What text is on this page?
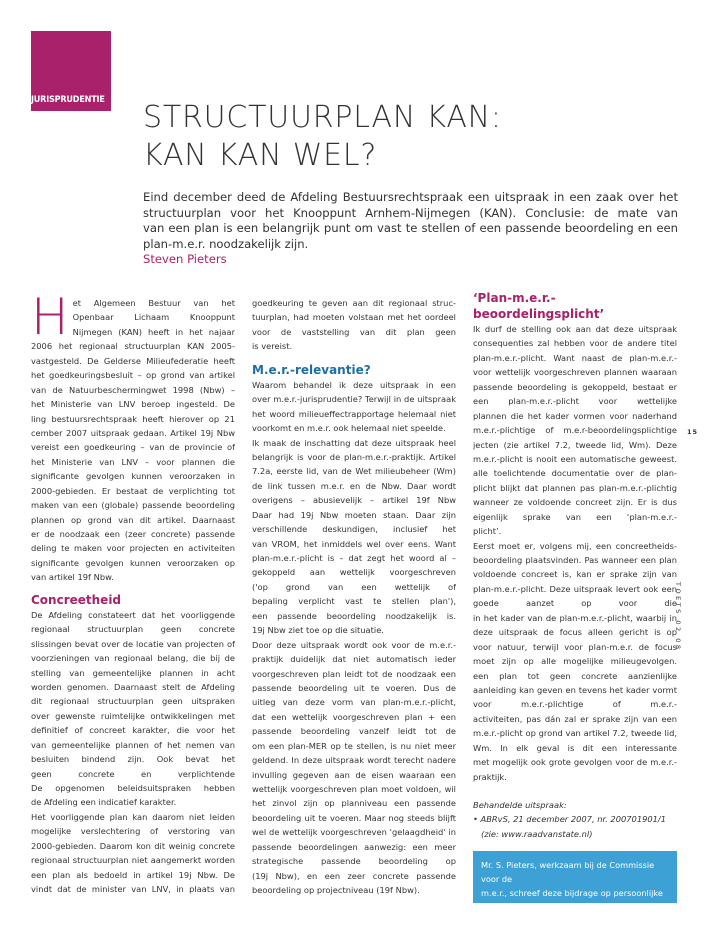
JURISPRUDENTIE STRUCTUURPLAN KAN:
KAN KAN WEL?
Eind december deed de Afdeling Bestuursrechtspraak een uitspraak in een zaak over het
structuurplan voor het Knooppunt Arnhem-Nijmegen (KAN). Conclusie: de mate van
van een plan is een belangrijk punt om vast te stellen of een passende beoordeling en een
plan-m.e.r. noodzakelijk zijn.
Steven Pieters
H et Algemeen Bestuur van het
Openbaar Lichaam Knooppunt
Nijmegen (KAN) heeft in het najaar
2006 het regionaal structuurplan KAN 2005-
vastgesteld. De Gelderse Milieufederatie heeft
het goedkeuringsbesluit – op grond van artikel
van de Natuurbeschermingwet 1998 (Nbw) –
het Ministerie van LNV beroep ingesteld. De
ling bestuursrechtspraak heeft hierover op 21
cember 2007 uitspraak gedaan. Artikel 19j Nbw
vereist een goedkeuring – van de provincie of
het Ministerie van LNV – voor plannen die
significante gevolgen kunnen veroorzaken in
2000-gebieden. Er bestaat de verplichting tot
maken van een (globale) passende beoordeling
plannen op grond van dit artikel. Daarnaast
er de noodzaak een (zeer concrete) passende
deling te maken voor projecten en activiteiten
significante gevolgen kunnen veroorzaken op
van artikel 19f Nbw.
Concreetheid
De Afdeling constateert dat het voorliggende
regionaal structuurplan geen concrete
slissingen bevat over de locatie van projecten of
voorzieningen van regionaal belang, die bij de
stelling van gemeentelijke plannen in acht
worden genomen. Daarnaast stelt de Afdeling
dit regionaal structuurplan geen uitspraken
over gewenste ruimtelijke ontwikkelingen met
definitief of concreet karakter, die voor het
van gemeentelijke plannen of het nemen van
besluiten bindend zijn. Ook bevat het
geen concrete en verplichtende
De opgenomen beleidsuitspraken hebben
de Afdeling een indicatief karakter.
Het voorliggende plan kan daarom niet leiden
mogelijke verslechtering of verstoring van
2000-gebieden. Daarom kon dit weinig concrete
regionaal structuurplan niet aangemerkt worden
een plan als bedoeld in artikel 19j Nbw. De
vindt dat de minister van LNV, in plaats van
goedkeuring te geven aan dit regionaal struc-
tuurplan, had moeten volstaan met het oordeel
voor de vaststelling van dit plan geen
is vereist.
M.e.r.-relevantie?
Waarom behandel ik deze uitspraak in een
over m.e.r.-jurisprudentie? Terwijl in de uitspraak
het woord milieueffectrapportage helemaal niet
voorkomt en m.e.r. ook helemaal niet speelde.
Ik maak de inschatting dat deze uitspraak heel
belangrijk is voor de plan-m.e.r.-praktijk. Artikel
7.2a, eerste lid, van de Wet milieubeheer (Wm)
de link tussen m.e.r. en de Nbw. Daar wordt
overigens – abusievelijk – artikel 19f Nbw
Daar had 19j Nbw moeten staan. Daar zijn
verschillende deskundigen, inclusief het
van VROM, het inmiddels wel over eens. Want
plan-m.e.r.-plicht is – dat zegt het woord al –
gekoppeld aan wettelijk voorgeschreven
('op grond van een wettelijk of
bepaling verplicht vast te stellen plan'),
een passende beoordeling noodzakelijk is.
19j Nbw ziet toe op die situatie.
Door deze uitspraak wordt ook voor de m.e.r.-
praktijk duidelijk dat niet automatisch ieder
voorgeschreven plan leidt tot de noodzaak een
passende beoordeling uit te voeren. Dus de
uitleg van deze vorm van plan-m.e.r.-plicht,
dat een wettelijk voorgeschreven plan + een
passende beoordeling vanzelf leidt tot de
om een plan-MER op te stellen, is nu niet meer
geldend. In deze uitspraak wordt terecht nadere
invulling gegeven aan de eisen waaraan een
wettelijk voorgeschreven plan moet voldoen, wil
het zinvol zijn op planniveau een passende
beoordeling uit te voeren. Maar nog steeds blijft
wel de wettelijk voorgeschreven 'gelaagdheid' in
passende beoordelingen aanwezig: een meer
strategische passende beoordeling op
(19j Nbw), en een zeer concrete passende
beoordeling op projectniveau (19f Nbw).
‘Plan-m.e.r.-beoordelingsplicht’
Ik durf de stelling ook aan dat deze uitspraak
consequenties zal hebben voor de andere titel
plan-m.e.r.-plicht. Want naast de plan-m.e.r.-
voor wettelijk voorgeschreven plannen waaraan
passende beoordeling is gekoppeld, bestaat er
een plan-m.e.r.-plicht voor wettelijke
plannen die het kader vormen voor naderhand
m.e.r.-plichtige of m.e.r-beoordelingsplichtige
jecten (zie artikel 7.2, tweede lid, Wm). Deze
m.e.r.-plicht is nooit een automatische geweest.
alle toelichtende documentatie over de plan-
plicht blijkt dat plannen pas plan-m.e.r.-plichtig
wanneer ze voldoende concreet zijn. Er is dus
eigenlijk sprake van een ‘plan-m.e.r.-
plicht’.
Eerst moet er, volgens mij, een concreetheids-
beoordeling plaatsvinden. Pas wanneer een plan
voldoende concreet is, kan er sprake zijn van
plan-m.e.r.-plicht. Deze uitspraak levert ook een
goede aanzet op voor die
in het kader van de plan-m.e.r.-plicht, waarbij in
deze uitspraak de focus alleen gericht is op
voor natuur, terwijl voor plan-m.e.r. de focus
moet zijn op alle mogelijke milieugevolgen.
een plan tot geen concrete aanzienlijke
aanleiding kan geven en tevens het kader vormt
voor m.e.r.-plichtige of m.e.r.-
activiteiten, pas dán zal er sprake zijn van een
m.e.r.-plicht op grond van artikel 7.2, tweede lid,
Wm. In elk geval is dit een interessante
met mogelijk ook grote gevolgen voor de m.e.r.-
praktijk.
Behandelde uitspraak:
• ABRvS, 21 december 2007, nr. 200701901/1
(zie: www.raadvanstate.nl)
Mr. S. Pieters, werkzaam bij de Commissie voor de
m.e.r., schreef deze bijdrage op persoonlijke titel.
15
TOETS 02 08
